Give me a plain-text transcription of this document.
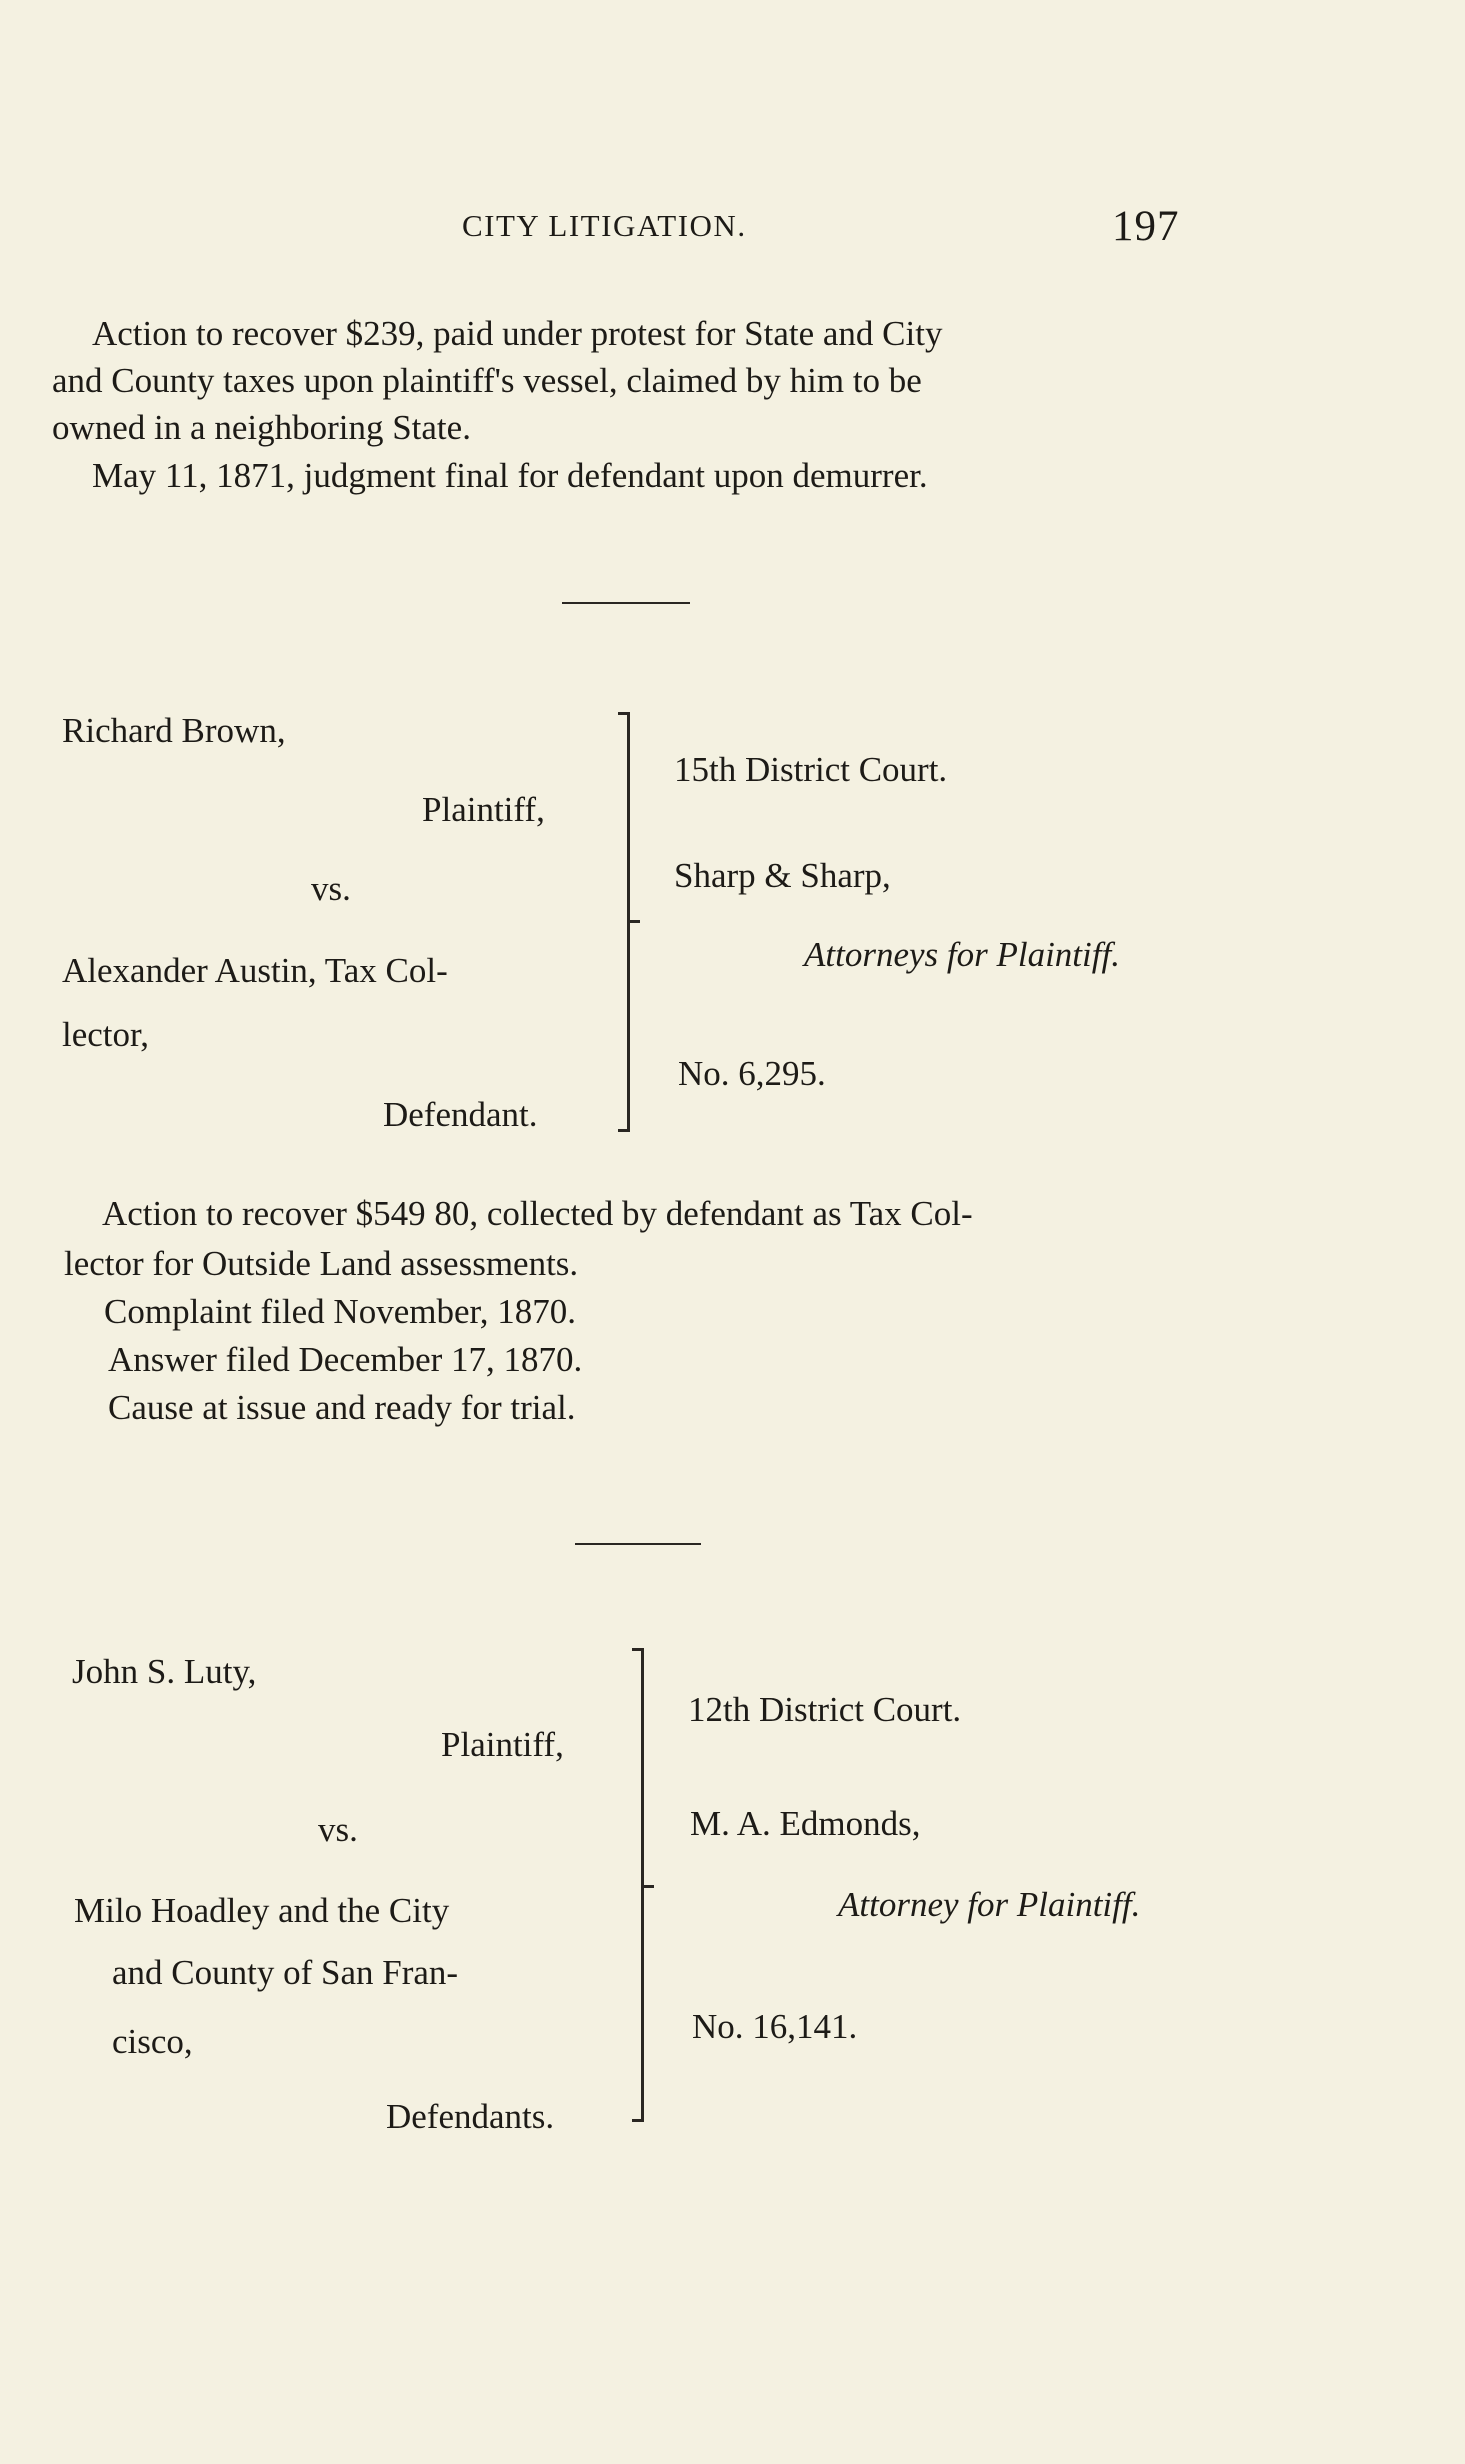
CITY LITIGATION.	197
Action to recover $239, paid under protest for State and City
and County taxes upon plaintiff's vessel, claimed by him to be
owned in a neighboring State.
May 11, 1871, judgment final for defendant upon demurrer.
Richard Brown,
Plaintiff,
vs.
Alexander Austin, Tax Col-
lector,
Defendant.
15th District Court.
Sharp & Sharp,
Attorneys for Plaintiff.
No. 6,295.
Action to recover $549 80, collected by defendant as Tax Col-
lector for Outside Land assessments.
Complaint filed November, 1870.
Answer filed December 17, 1870.
Cause at issue and ready for trial.
John S. Luty,
Plaintiff,
vs.
Milo Hoadley and the City
and County of San Fran-
cisco,
Defendants.
12th District Court.
M. A. Edmonds,
Attorney for Plaintiff.
No. 16,141.
